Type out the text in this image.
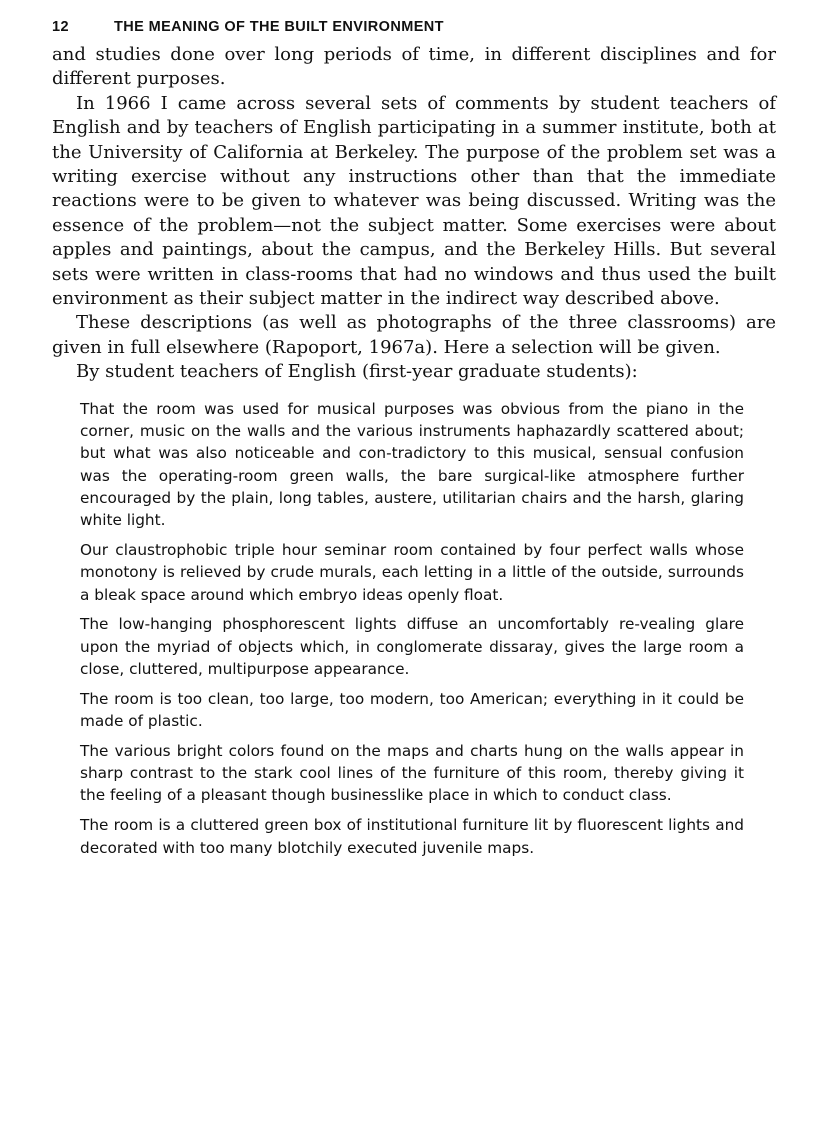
12	THE MEANING OF THE BUILT ENVIRONMENT

and studies done over long periods of time, in different disciplines and for different purposes.

In 1966 I came across several sets of comments by student teachers of English and by teachers of English participating in a summer institute, both at the University of California at Berkeley. The purpose of the problem set was a writing exercise without any instructions other than that the immediate reactions were to be given to whatever was being discussed. Writing was the essence of the problem—not the subject matter. Some exercises were about apples and paintings, about the campus, and the Berkeley Hills. But several sets were written in class-rooms that had no windows and thus used the built environment as their subject matter in the indirect way described above.

These descriptions (as well as photographs of the three classrooms) are given in full elsewhere (Rapoport, 1967a). Here a selection will be given.

By student teachers of English (first-year graduate students):

That the room was used for musical purposes was obvious from the piano in the corner, music on the walls and the various instruments haphazardly scattered about; but what was also noticeable and con-tradictory to this musical, sensual confusion was the operating-room green walls, the bare surgical-like atmosphere further encouraged by the plain, long tables, austere, utilitarian chairs and the harsh, glaring white light.

Our claustrophobic triple hour seminar room contained by four perfect walls whose monotony is relieved by crude murals, each letting in a little of the outside, surrounds a bleak space around which embryo ideas openly float.

The low-hanging phosphorescent lights diffuse an uncomfortably re-vealing glare upon the myriad of objects which, in conglomerate dissaray, gives the large room a close, cluttered, multipurpose appearance.

The room is too clean, too large, too modern, too American; everything in it could be made of plastic.

The various bright colors found on the maps and charts hung on the walls appear in sharp contrast to the stark cool lines of the furniture of this room, thereby giving it the feeling of a pleasant though businesslike place in which to conduct class.

The room is a cluttered green box of institutional furniture lit by fluorescent lights and decorated with too many blotchily executed juvenile maps.
